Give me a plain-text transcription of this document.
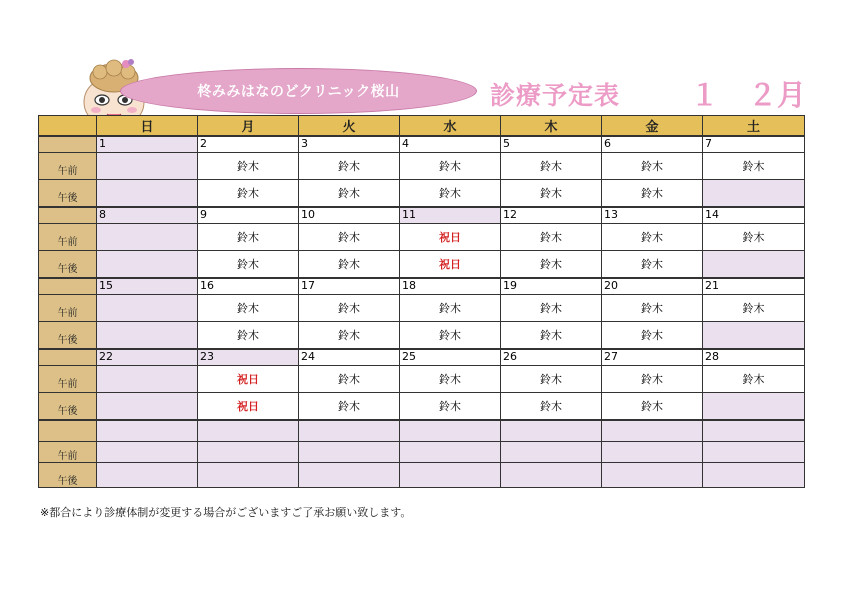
柊みみはなのどクリニック桜山	診療予定表 １　２月
	日	月	火	水	木	金	土
	1	2	3	4	5	6	7
午前		鈴木	鈴木	鈴木	鈴木	鈴木	鈴木
午後		鈴木	鈴木	鈴木	鈴木	鈴木	
	8	9	10	11	12	13	14
午前		鈴木	鈴木	祝日	鈴木	鈴木	鈴木
午後		鈴木	鈴木	祝日	鈴木	鈴木	
	15	16	17	18	19	20	21
午前		鈴木	鈴木	鈴木	鈴木	鈴木	鈴木
午後		鈴木	鈴木	鈴木	鈴木	鈴木	
	22	23	24	25	26	27	28
午前		祝日	鈴木	鈴木	鈴木	鈴木	鈴木
午後		祝日	鈴木	鈴木	鈴木	鈴木	

午前							
午後							
※都合により診療体制が変更する場合がございますご了承お願い致します。
